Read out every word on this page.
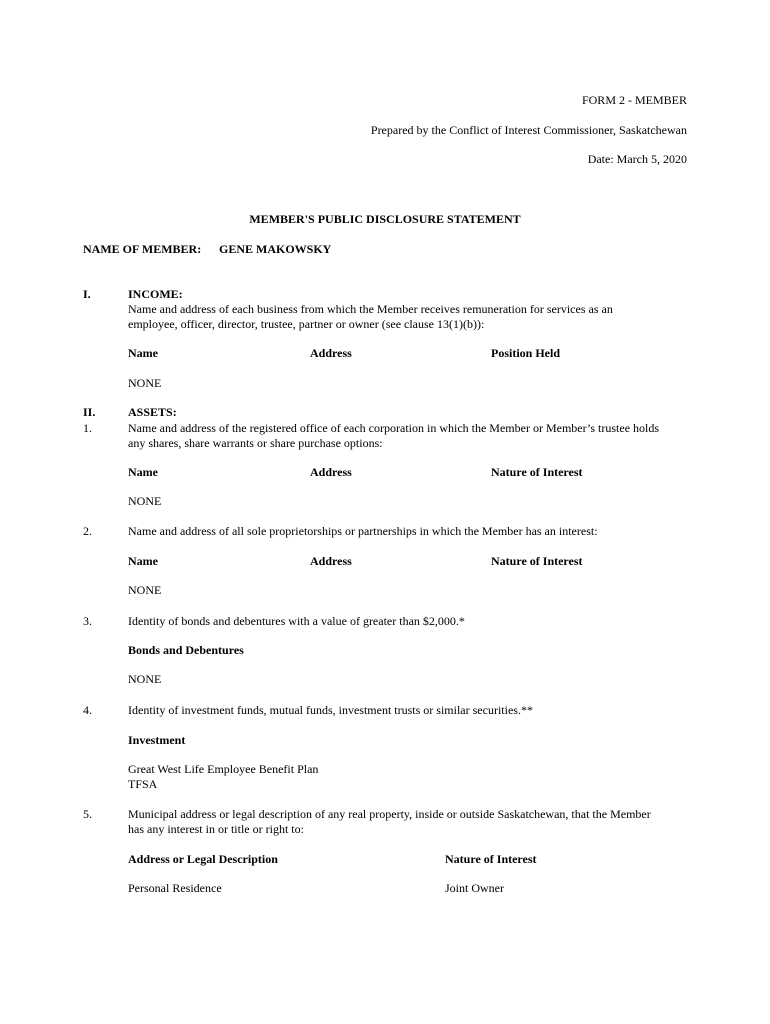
FORM 2 - MEMBER
Prepared by the Conflict of Interest Commissioner, Saskatchewan
Date: March 5, 2020
MEMBER'S PUBLIC DISCLOSURE STATEMENT
NAME OF MEMBER: GENE MAKOWSKY
I.	INCOME:
Name and address of each business from which the Member receives remuneration for services as an
employee, officer, director, trustee, partner or owner (see clause 13(1)(b)):
Name	Address	Position Held
NONE
II.	ASSETS:
1.	Name and address of the registered office of each corporation in which the Member or Member’s trustee holds
any shares, share warrants or share purchase options:
Name	Address	Nature of Interest
NONE
2.	Name and address of all sole proprietorships or partnerships in which the Member has an interest:
Name	Address	Nature of Interest
NONE
3.	Identity of bonds and debentures with a value of greater than $2,000.*
Bonds and Debentures
NONE
4.	Identity of investment funds, mutual funds, investment trusts or similar securities.**
Investment
Great West Life Employee Benefit Plan
TFSA
5.	Municipal address or legal description of any real property, inside or outside Saskatchewan, that the Member
has any interest in or title or right to:
Address or Legal Description	Nature of Interest
Personal Residence	Joint Owner
